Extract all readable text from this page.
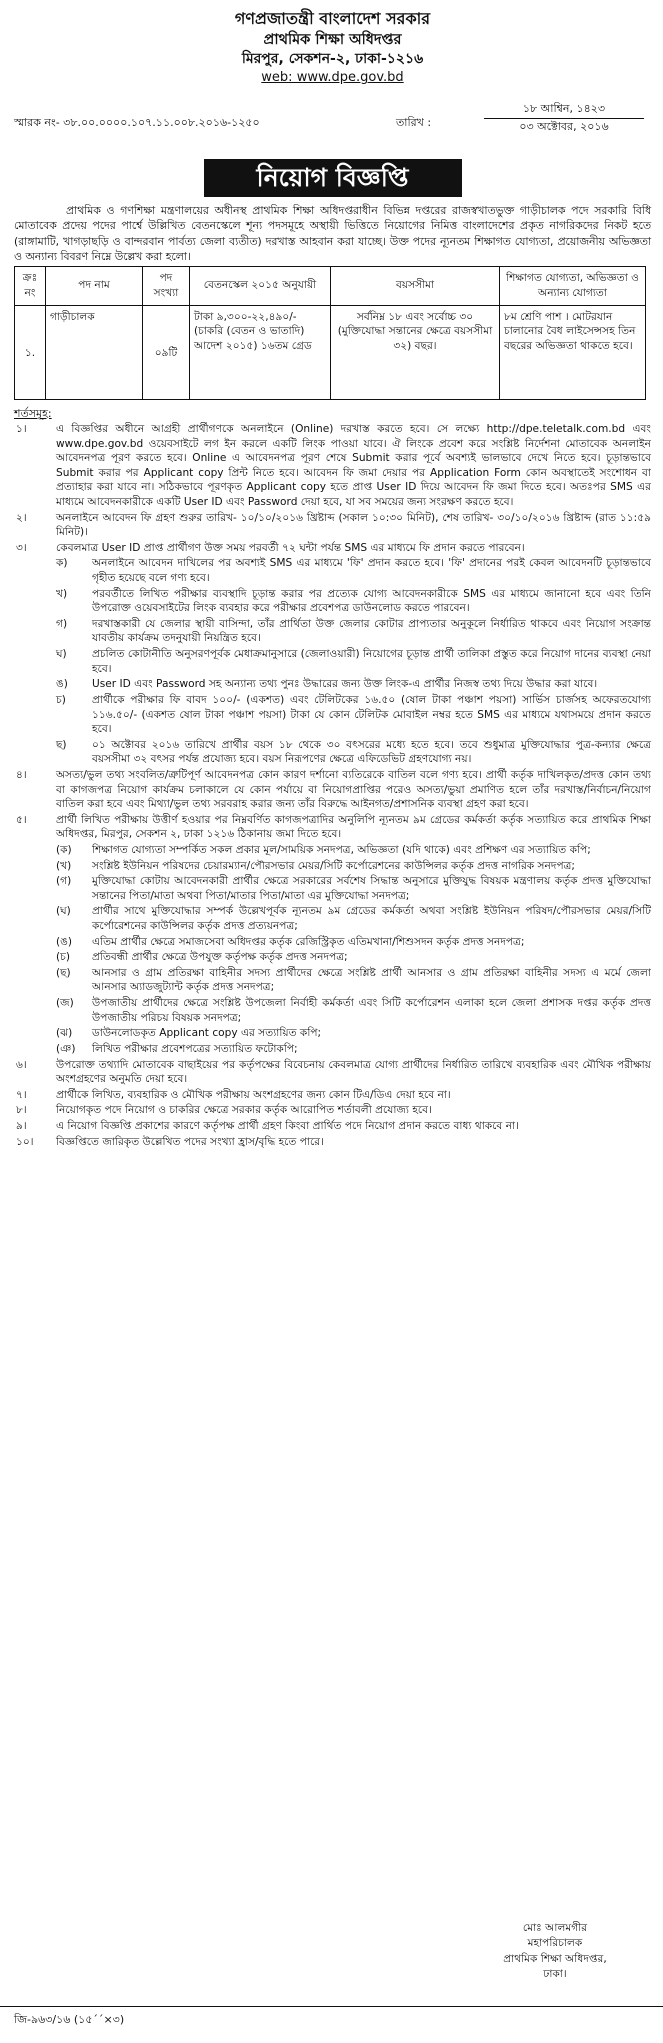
গণপ্রজাতন্ত্রী বাংলাদেশ সরকার
প্রাথমিক শিক্ষা অধিদপ্তর
মিরপুর, সেকশন-২, ঢাকা-১২১৬
web: www.dpe.gov.bd
স্মারক নং- ৩৮.০০.০০০০.১০৭.১১.০০৮.২০১৬-১২৫০	তারিখ :
১৮ আশ্বিন, ১৪২৩
০৩ অক্টোবর, ২০১৬
নিয়োগ বিজ্ঞপ্তি

প্রাথমিক ও গণশিক্ষা মন্ত্রণালয়ের অধীনস্থ প্রাথমিক শিক্ষা অধিদপ্তরাধীন বিভিন্ন দপ্তরের রাজস্বখাতভুক্ত গাড়ীচালক পদে সরকারি বিধি মোতাবেক প্রদেয় পদের পার্শ্বে উল্লিখিত বেতনস্কেলে শূন্য পদসমূহে অস্থায়ী ভিত্তিতে নিয়োগের নিমিত্ত বাংলাদেশের প্রকৃত নাগরিকদের নিকট হতে (রাঙ্গামাটি, খাগড়াছড়ি ও বান্দরবান পার্বত্য জেলা ব্যতীত) দরখাস্ত আহবান করা যাচ্ছে। উক্ত পদের ন্যূনতম শিক্ষাগত যোগ্যতা, প্রয়োজনীয় অভিজ্ঞতা ও অন্যান্য বিবরণ নিম্নে উল্লেখ করা হলো।

ক্রঃ নং	পদ নাম	পদ সংখ্যা	বেতনস্কেল ২০১৫ অনুযায়ী	বয়সসীমা	শিক্ষাগত যোগ্যতা, অভিজ্ঞতা ও অন্যান্য যোগ্যতা
১.	গাড়ীচালক	০৯টি	টাকা ৯,৩০০-২২,৪৯০/- (চাকরি (বেতন ও ভাতাদি) আদেশ ২০১৫) ১৬তম গ্রেড	সর্বনিম্ন ১৮ এবং সর্বোচ্চ ৩০ (মুক্তিযোদ্ধা সন্তানের ক্ষেত্রে বয়সসীমা ৩২) বছর।	৮ম শ্রেণি পাশ । মোটরযান চালানোর বৈধ লাইসেন্সসহ তিন বছরের অভিজ্ঞতা থাকতে হবে।
শর্তসমূহ:
১।	এ বিজ্ঞপ্তির অধীনে আগ্রহী প্রার্থীগণকে অনলাইনে (Online) দরখাস্ত করতে হবে। সে লক্ষ্যে http://dpe.teletalk.com.bd এবং www.dpe.gov.bd ওয়েবসাইটে লগ ইন করলে একটি লিংক পাওয়া যাবে। ঐ লিংকে প্রবেশ করে সংশ্লিষ্ট নির্দেশনা মোতাবেক অনলাইন আবেদনপত্র পূরণ করতে হবে। Online এ আবেদনপত্র পূরণ শেষে Submit করার পূর্বে অবশ্যই ভালভাবে দেখে নিতে হবে। চূড়ান্তভাবে Submit করার পর Applicant copy প্রিন্ট নিতে হবে। আবেদন ফি জমা দেয়ার পর Application Form কোন অবস্থাতেই সংশোধন বা প্রত্যাহার করা যাবে না। সঠিকভাবে পূরণকৃত Applicant copy হতে প্রাপ্ত User ID দিয়ে আবেদন ফি জমা দিতে হবে। অতঃপর SMS এর মাধ্যমে আবেদনকারীকে একটি User ID এবং Password দেয়া হবে, যা সব সময়ের জন্য সংরক্ষণ করতে হবে।
২।	অনলাইনে আবেদন ফি গ্রহণ শুরুর তারিখ- ১০/১০/২০১৬ খ্রিষ্টাব্দ (সকাল ১০:৩০ মিনিট), শেষ তারিখ- ৩০/১০/২০১৬ খ্রিষ্টাব্দ (রাত ১১:৫৯ মিনিট)।
৩।	কেবলমাত্র User ID প্রাপ্ত প্রার্থীগণ উক্ত সময় পরবর্তী ৭২ ঘন্টা পর্যন্ত SMS এর মাধ্যমে ফি প্রদান করতে পারবেন।
ক)	অনলাইনে আবেদন দাখিলের পর অবশ্যই SMS এর মাধ্যমে 'ফি' প্রদান করতে হবে। 'ফি' প্রদানের পরই কেবল আবেদনটি চূড়ান্তভাবে গৃহীত হয়েছে বলে গণ্য হবে।
খ)	পরবর্তীতে লিখিত পরীক্ষার ব্যবস্থাদি চূড়ান্ত করার পর প্রত্যেক যোগ্য আবেদনকারীকে SMS এর মাধ্যমে জানানো হবে এবং তিনি উপরোক্ত ওয়েবসাইটের লিংক ব্যবহার করে পরীক্ষার প্রবেশপত্র ডাউনলোড করতে পারবেন।
গ)	দরখাস্তকারী যে জেলার স্থায়ী বাসিন্দা, তাঁর প্রার্থিতা উক্ত জেলার কোটার প্রাপ্যতার অনুকূলে নির্ধারিত থাকবে এবং নিয়োগ সংক্রান্ত যাবতীয় কার্যক্রম তদনুযায়ী নিয়ন্ত্রিত হবে।
ঘ)	প্রচলিত কোটানীতি অনুসরণপূর্বক মেধাক্রমানুসারে (জেলাওয়ারী) নিয়োগের চূড়ান্ত প্রার্থী তালিকা প্রস্তুত করে নিয়োগ দানের ব্যবস্থা নেয়া হবে।
ঙ)	User ID এবং Password সহ অন্যান্য তথ্য পুনঃ উদ্ধারের জন্য উক্ত লিংক-এ প্রার্থীর নিজস্ব তথ্য দিয়ে উদ্ধার করা যাবে।
চ)	প্রার্থীকে পরীক্ষার ফি বাবদ ১০০/- (একশত) এবং টেলিটকের ১৬.৫০ (ষোল টাকা পঞ্চাশ পয়সা) সার্ভিস চার্জসহ অফেরতযোগ্য ১১৬.৫০/- (একশত ষোল টাকা পঞ্চাশ পয়সা) টাকা যে কোন টেলিটক মোবাইল নম্বর হতে SMS এর মাধ্যমে যথাসময়ে প্রদান করতে হবে।
ছ)	০১ অক্টোবর ২০১৬ তারিখে প্রার্থীর বয়স ১৮ থেকে ৩০ বৎসরের মধ্যে হতে হবে। তবে শুধুমাত্র মুক্তিযোদ্ধার পুত্র-কন্যার ক্ষেত্রে বয়সসীমা ৩২ বৎসর পর্যন্ত প্রযোজ্য হবে। বয়স নিরূপণের ক্ষেত্রে এফিডেভিট গ্রহণযোগ্য নয়।
৪।	অসত্য/ভুল তথ্য সংবলিত/ত্রুটিপূর্ণ আবেদনপত্র কোন কারণ দর্শানো ব্যতিরেকে বাতিল বলে গণ্য হবে। প্রার্থী কর্তৃক দাখিলকৃত/প্রদত্ত কোন তথ্য বা কাগজপত্র নিয়োগ কার্যক্রম চলাকালে যে কোন পর্যায়ে বা নিয়োগপ্রাপ্তির পরেও অসত্য/ভুয়া প্রমাণিত হলে তাঁর দরখাস্ত/নির্বাচন/নিয়োগ বাতিল করা হবে এবং মিথ্যা/ভুল তথ্য সরবরাহ করার জন্য তাঁর বিরুদ্ধে আইনগত/প্রশাসনিক ব্যবস্থা গ্রহণ করা হবে।
৫।	প্রার্থী লিখিত পরীক্ষায় উত্তীর্ণ হওয়ার পর নিম্নবর্ণিত কাগজপত্রাদির অনুলিপি ন্যূনতম ৯ম গ্রেডের কর্মকর্তা কর্তৃক সত্যায়িত করে প্রাথমিক শিক্ষা অধিদপ্তর, মিরপুর, সেকশন ২, ঢাকা ১২১৬ ঠিকানায় জমা দিতে হবে।
(ক)	শিক্ষাগত যোগ্যতা সম্পর্কিত সকল প্রকার মূল/সাময়িক সনদপত্র, অভিজ্ঞতা (যদি থাকে) এবং প্রশিক্ষণ এর সত্যায়িত কপি;
(খ)	সংশ্লিষ্ট ইউনিয়ন পরিষদের চেয়ারম্যান/পৌরসভার মেয়র/সিটি কর্পোরেশনের কাউন্সিলর কর্তৃক প্রদত্ত নাগরিক সনদপত্র;
(গ)	মুক্তিযোদ্ধা কোটায় আবেদনকারী প্রার্থীর ক্ষেত্রে সরকারের সর্বশেষ সিদ্ধান্ত অনুসারে মুক্তিযুদ্ধ বিষয়ক মন্ত্রণালয় কর্তৃক প্রদত্ত মুক্তিযোদ্ধা সন্তানের পিতা/মাতা অথবা পিতা/মাতার পিতা/মাতা এর মুক্তিযোদ্ধা সনদপত্র;
(ঘ)	প্রার্থীর সাথে মুক্তিযোদ্ধার সম্পর্ক উল্লেখপূর্বক ন্যূনতম ৯ম গ্রেডের কর্মকর্তা অথবা সংশ্লিষ্ট ইউনিয়ন পরিষদ/পৌরসভার মেয়র/সিটি কর্পোরেশনের কাউন্সিলর কর্তৃক প্রদত্ত প্রত্যয়নপত্র;
(ঙ)	এতিম প্রার্থীর ক্ষেত্রে সমাজসেবা অধিদপ্তর কর্তৃক রেজিস্ট্রিকৃত এতিমখানা/শিশুসদন কর্তৃক প্রদত্ত সনদপত্র;
(চ)	প্রতিবন্ধী প্রার্থীর ক্ষেত্রে উপযুক্ত কর্তৃপক্ষ কর্তৃক প্রদত্ত সনদপত্র;
(ছ)	আনসার ও গ্রাম প্রতিরক্ষা বাহিনীর সদস্য প্রার্থীদের ক্ষেত্রে সংশ্লিষ্ট প্রার্থী আনসার ও গ্রাম প্রতিরক্ষা বাহিনীর সদস্য এ মর্মে জেলা আনসার অ্যাডজুট্যান্ট কর্তৃক প্রদত্ত সনদপত্র;
(জ)	উপজাতীয় প্রার্থীদের ক্ষেত্রে সংশ্লিষ্ট উপজেলা নির্বাহী কর্মকর্তা এবং সিটি কর্পোরেশন এলাকা হলে জেলা প্রশাসক দপ্তর কর্তৃক প্রদত্ত উপজাতীয় পরিচয় বিষয়ক সনদপত্র;
(ঝ)	ডাউনলোডকৃত Applicant copy এর সত্যায়িত কপি;
(ঞ)	লিখিত পরীক্ষার প্রবেশপত্রের সত্যায়িত ফটোকপি;
৬।	উপরোক্ত তথ্যাদি মোতাবেক বাছাইয়ের পর কর্তৃপক্ষের বিবেচনায় কেবলমাত্র যোগ্য প্রার্থীদের নির্ধারিত তারিখে ব্যবহারিক এবং মৌখিক পরীক্ষায় অংশগ্রহণের অনুমতি দেয়া হবে।
৭।	প্রার্থীকে লিখিত, ব্যবহারিক ও মৌখিক পরীক্ষায় অংশগ্রহণের জন্য কোন টিএ/ডিএ দেয়া হবে না।
৮।	নিয়োগকৃত পদে নিয়োগ ও চাকরির ক্ষেত্রে সরকার কর্তৃক আরোপিত শর্তাবলী প্রযোজ্য হবে।
৯।	এ নিয়োগ বিজ্ঞপ্তি প্রকাশের কারণে কর্তৃপক্ষ প্রার্থী গ্রহণ কিংবা প্রার্থিত পদে নিয়োগ প্রদান করতে বাধ্য থাকবে না।
১০।	বিজ্ঞপ্তিতে জারিকৃত উল্লেখিত পদের সংখ্যা হ্রাস/বৃদ্ধি হতে পারে।
মোঃ আলমগীর
মহাপরিচালক
প্রাথমিক শিক্ষা অধিদপ্তর,
ঢাকা।
জি-৯৬৩/১৬ (১৫´´×৩)
